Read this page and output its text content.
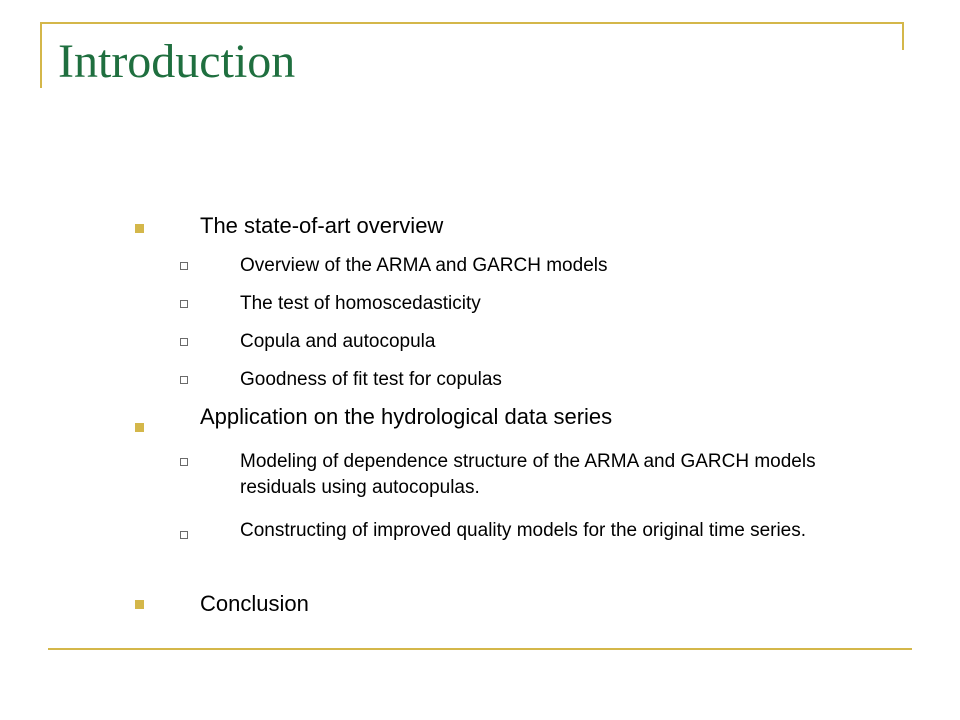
Introduction
The state-of-art overview
Overview of the ARMA and GARCH models
The test of homoscedasticity
Copula and autocopula
Goodness of fit test for copulas
Application on the hydrological data series
Modeling of dependence structure of the ARMA and GARCH models residuals using autocopulas.
Constructing of improved quality models for the original time series.
Conclusion
